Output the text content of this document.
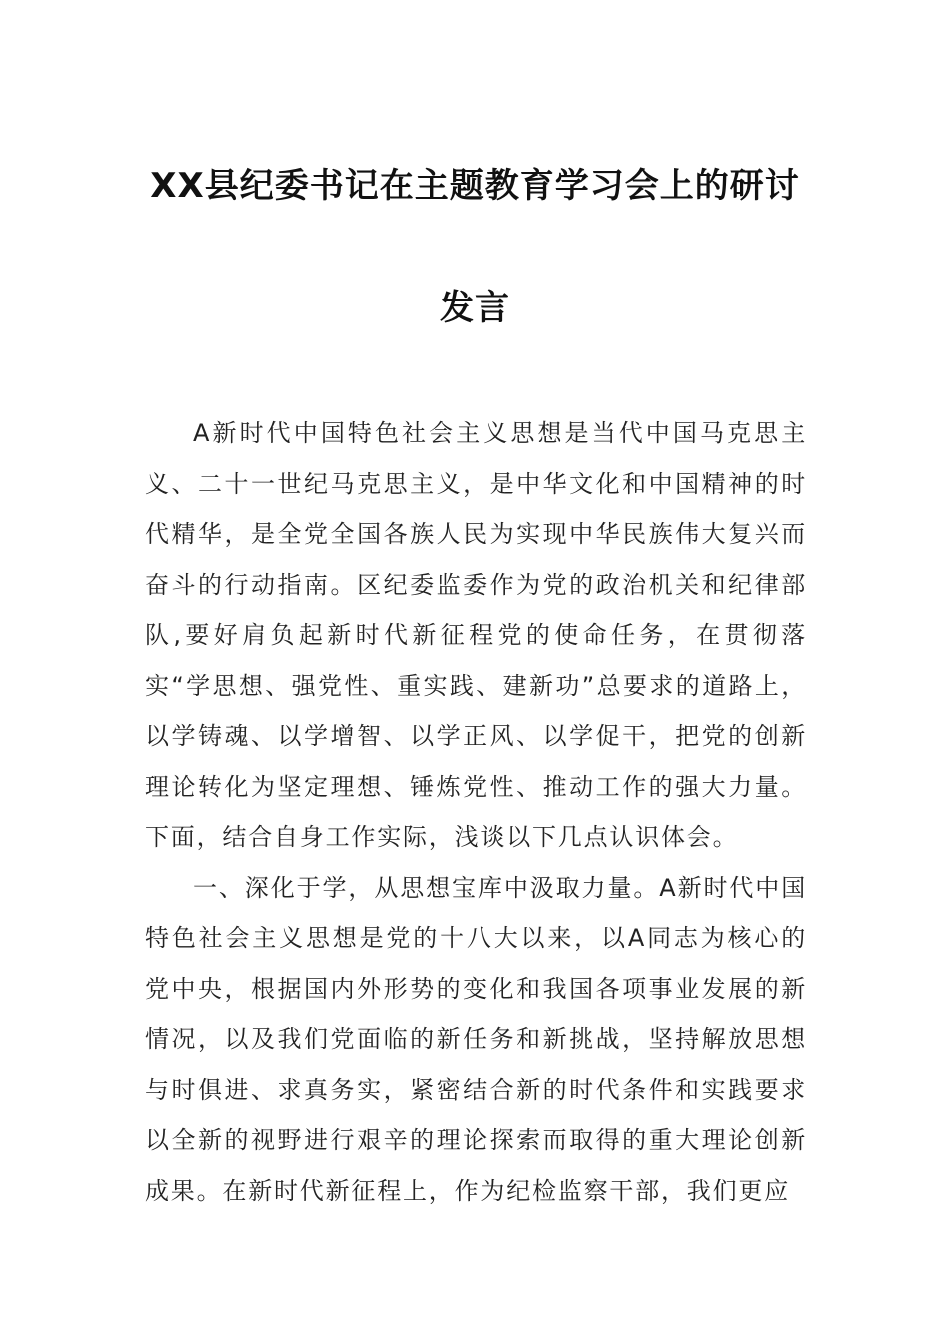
XX县纪委书记在主题教育学习会上的研讨
发言

A新时代中国特色社会主义思想是当代中国马克思主义、二十一世纪马克思主义，是中华文化和中国精神的时代精华，是全党全国各族人民为实现中华民族伟大复兴而奋斗的行动指南。区纪委监委作为党的政治机关和纪律部队,要好肩负起新时代新征程党的使命任务，在贯彻落实“学思想、强党性、重实践、建新功”总要求的道路上，以学铸魂、以学增智、以学正风、以学促干，把党的创新理论转化为坚定理想、锤炼党性、推动工作的强大力量。下面，结合自身工作实际，浅谈以下几点认识体会。

一、深化于学，从思想宝库中汲取力量。A新时代中国特色社会主义思想是党的十八大以来，以A同志为核心的党中央，根据国内外形势的变化和我国各项事业发展的新情况，以及我们党面临的新任务和新挑战，坚持解放思想与时俱进、求真务实，紧密结合新的时代条件和实践要求以全新的视野进行艰辛的理论探索而取得的重大理论创新成果。在新时代新征程上，作为纪检监察干部，我们更应
